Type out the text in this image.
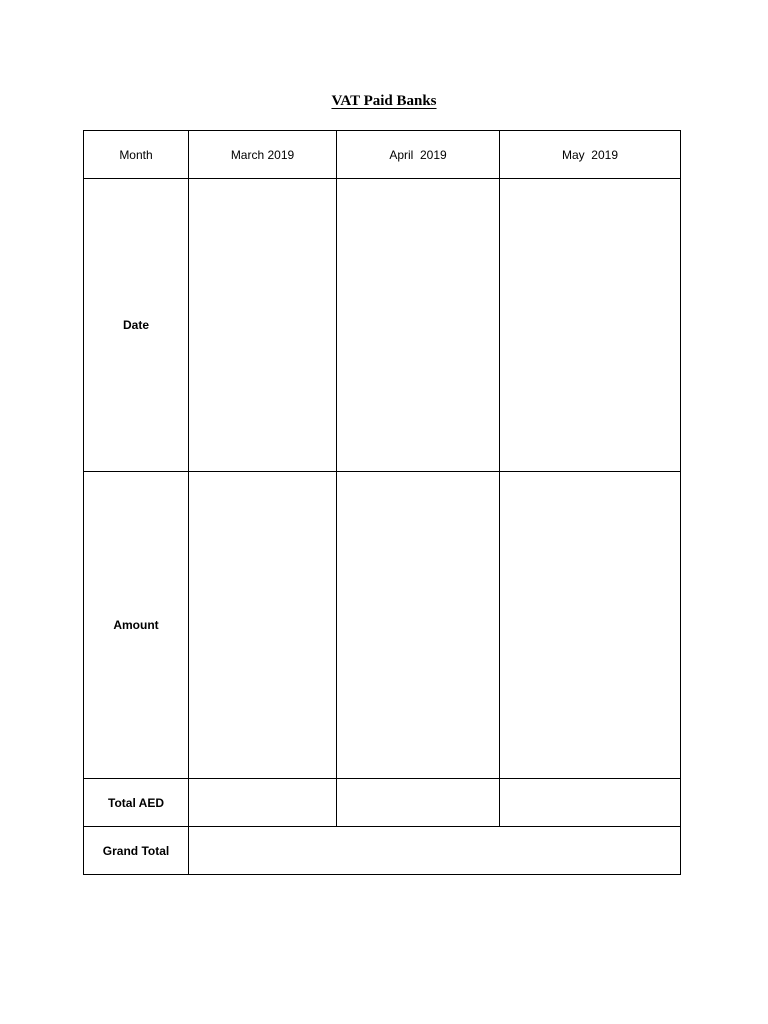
VAT Paid Banks
Month	March 2019	April  2019	May  2019
Date			
Amount			
Total AED			
Grand Total			
